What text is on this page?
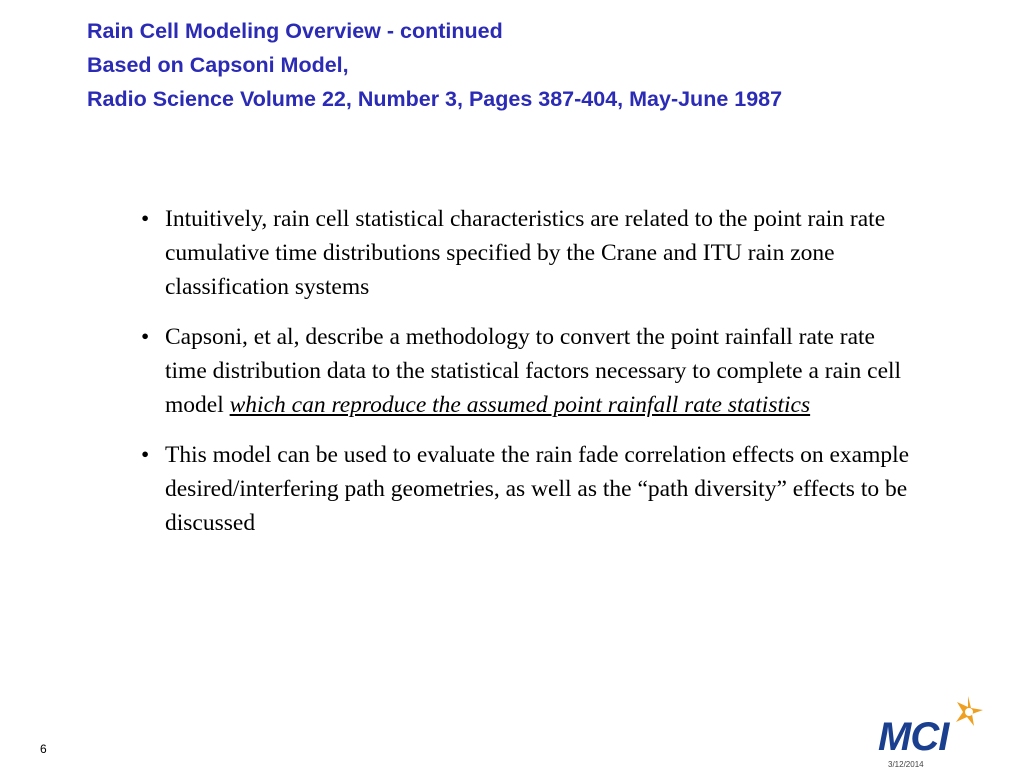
Rain Cell Modeling Overview - continued
Based on Capsoni Model,
Radio Science Volume 22, Number 3, Pages 387-404, May-June 1987
• Intuitively, rain cell statistical characteristics are related to the point rain rate cumulative time distributions specified by the Crane and ITU rain zone classification systems
• Capsoni, et al, describe a methodology to convert the point rainfall rate rate time distribution data to the statistical factors necessary to complete a rain cell model which can reproduce the assumed point rainfall rate statistics
• This model can be used to evaluate the rain fade correlation effects on example desired/interfering path geometries, as well as the “path diversity” effects to be discussed
6	MCI
3/12/2014
